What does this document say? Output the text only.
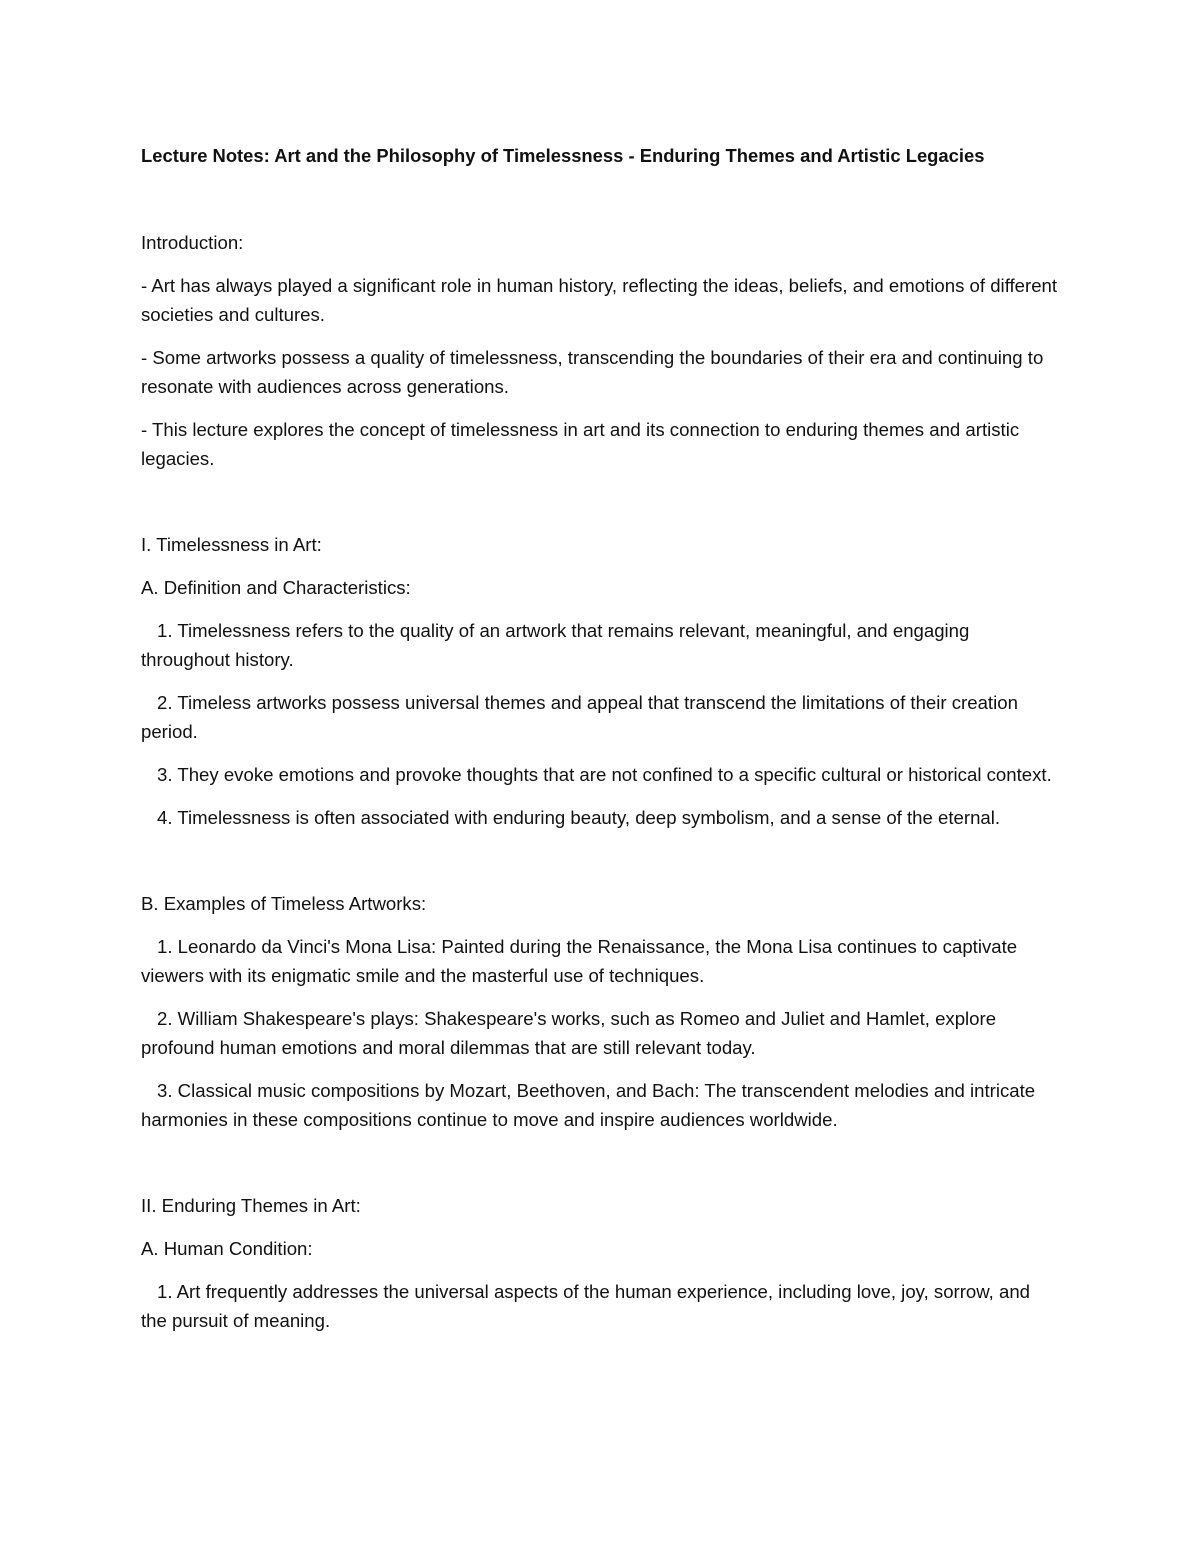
Lecture Notes: Art and the Philosophy of Timelessness - Enduring Themes and Artistic Legacies

Introduction:

- Art has always played a significant role in human history, reflecting the ideas, beliefs, and emotions of different societies and cultures.

- Some artworks possess a quality of timelessness, transcending the boundaries of their era and continuing to resonate with audiences across generations.

- This lecture explores the concept of timelessness in art and its connection to enduring themes and artistic legacies.

I. Timelessness in Art:

A. Definition and Characteristics:

1. Timelessness refers to the quality of an artwork that remains relevant, meaningful, and engaging throughout history.

2. Timeless artworks possess universal themes and appeal that transcend the limitations of their creation period.

3. They evoke emotions and provoke thoughts that are not confined to a specific cultural or historical context.

4. Timelessness is often associated with enduring beauty, deep symbolism, and a sense of the eternal.

B. Examples of Timeless Artworks:

1. Leonardo da Vinci's Mona Lisa: Painted during the Renaissance, the Mona Lisa continues to captivate viewers with its enigmatic smile and the masterful use of techniques.

2. William Shakespeare's plays: Shakespeare's works, such as Romeo and Juliet and Hamlet, explore profound human emotions and moral dilemmas that are still relevant today.

3. Classical music compositions by Mozart, Beethoven, and Bach: The transcendent melodies and intricate harmonies in these compositions continue to move and inspire audiences worldwide.

II. Enduring Themes in Art:

A. Human Condition:

1. Art frequently addresses the universal aspects of the human experience, including love, joy, sorrow, and the pursuit of meaning.
